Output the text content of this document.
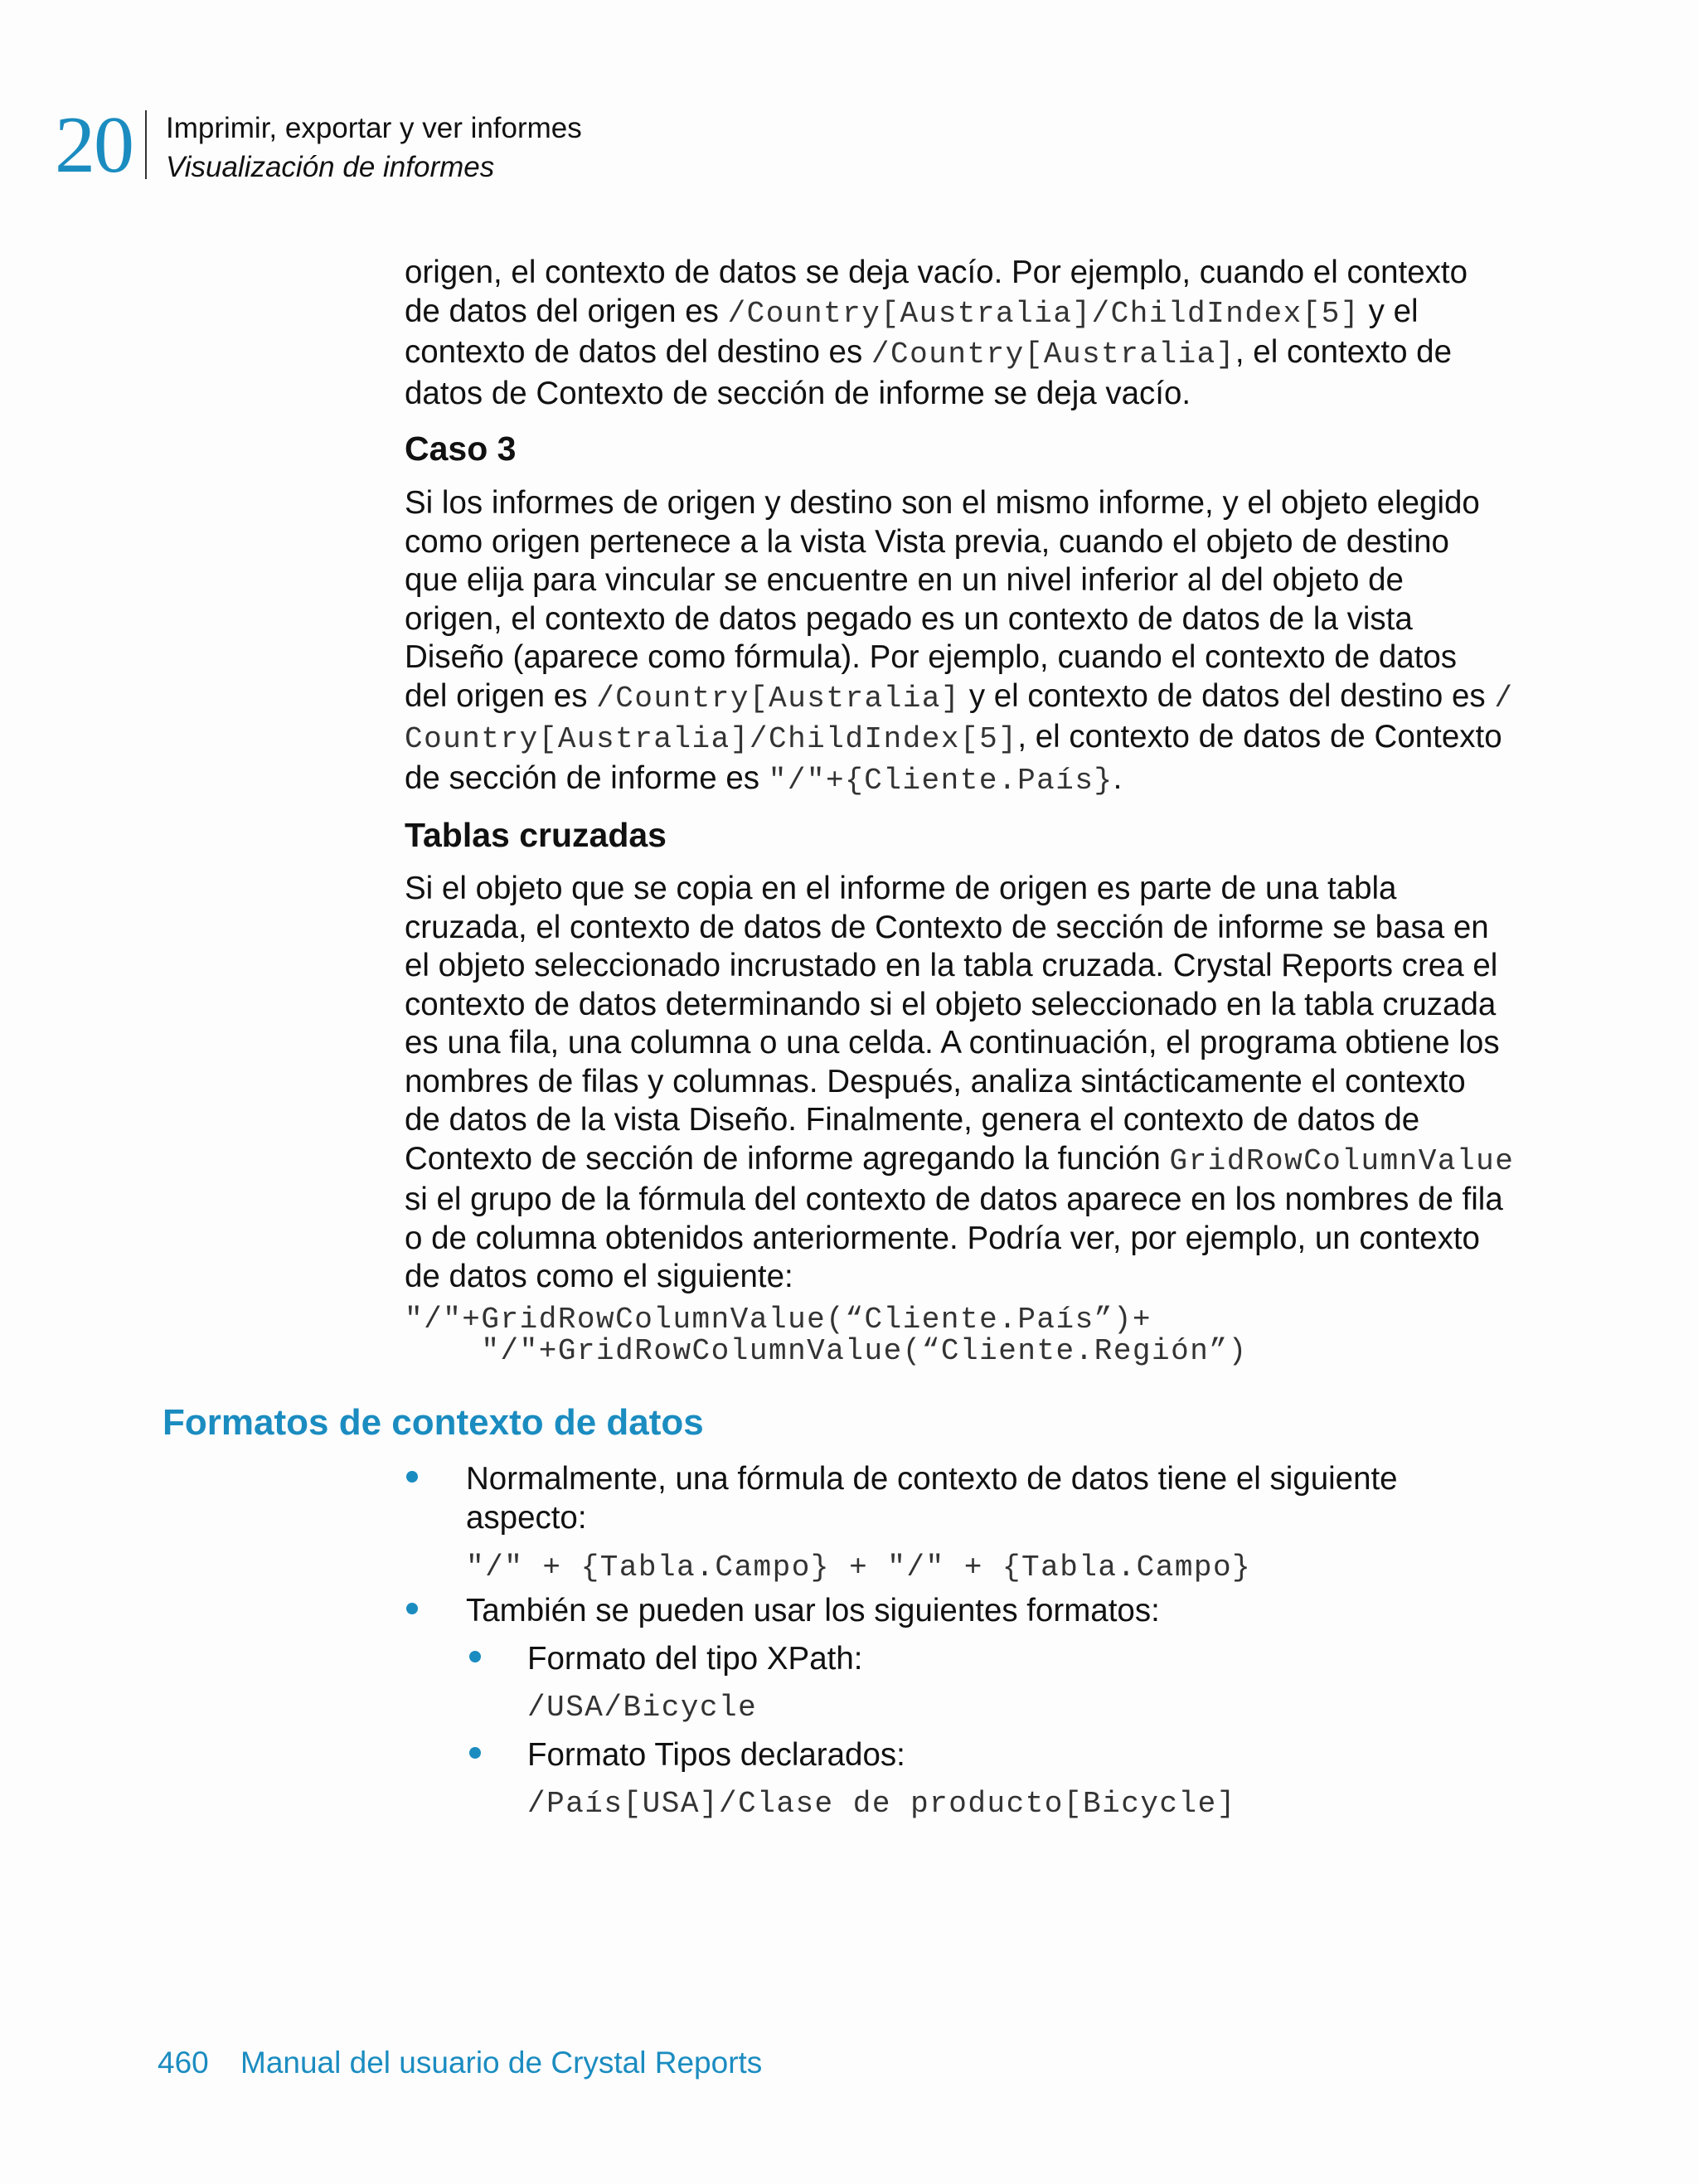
20 Imprimir, exportar y ver informes
Visualización de informes
origen, el contexto de datos se deja vacío. Por ejemplo, cuando el contexto
de datos del origen es /Country[Australia]/ChildIndex[5] y el
contexto de datos del destino es /Country[Australia], el contexto de
datos de Contexto de sección de informe se deja vacío.
Caso 3
Si los informes de origen y destino son el mismo informe, y el objeto elegido
como origen pertenece a la vista Vista previa, cuando el objeto de destino
que elija para vincular se encuentre en un nivel inferior al del objeto de
origen, el contexto de datos pegado es un contexto de datos de la vista
Diseño (aparece como fórmula). Por ejemplo, cuando el contexto de datos
del origen es /Country[Australia] y el contexto de datos del destino es /
Country[Australia]/ChildIndex[5], el contexto de datos de Contexto
de sección de informe es "/"+{Cliente.País}.
Tablas cruzadas
Si el objeto que se copia en el informe de origen es parte de una tabla
cruzada, el contexto de datos de Contexto de sección de informe se basa en
el objeto seleccionado incrustado en la tabla cruzada. Crystal Reports crea el
contexto de datos determinando si el objeto seleccionado en la tabla cruzada
es una fila, una columna o una celda. A continuación, el programa obtiene los
nombres de filas y columnas. Después, analiza sintácticamente el contexto
de datos de la vista Diseño. Finalmente, genera el contexto de datos de
Contexto de sección de informe agregando la función GridRowColumnValue
si el grupo de la fórmula del contexto de datos aparece en los nombres de fila
o de columna obtenidos anteriormente. Podría ver, por ejemplo, un contexto
de datos como el siguiente:
"/"+GridRowColumnValue(“Cliente.País”)+
"/"+GridRowColumnValue(“Cliente.Región”)
Formatos de contexto de datos
Normalmente, una fórmula de contexto de datos tiene el siguiente
aspecto:
"/" + {Tabla.Campo} + "/" + {Tabla.Campo}
También se pueden usar los siguientes formatos:
Formato del tipo XPath:
/USA/Bicycle
Formato Tipos declarados:
/País[USA]/Clase de producto[Bicycle]
460 Manual del usuario de Crystal Reports
